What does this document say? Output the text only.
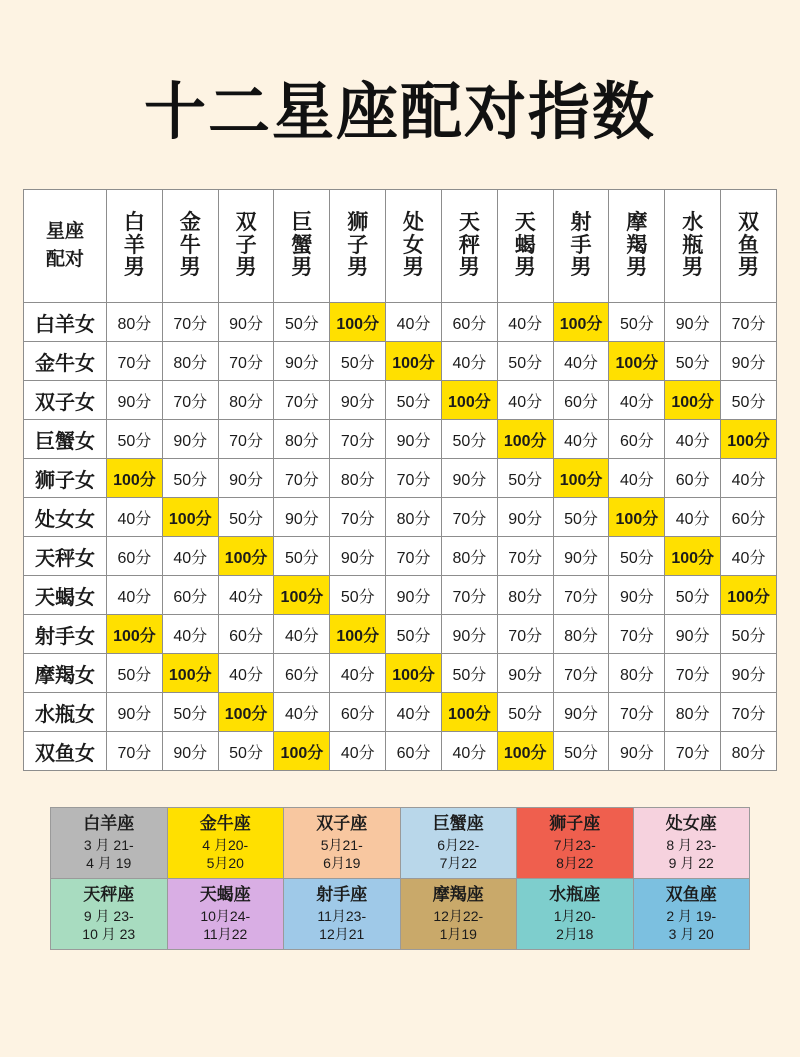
十二星座配对指数
星座
配对	白
羊
男	金
牛
男	双
子
男	巨
蟹
男	狮
子
男	处
女
男	天
秤
男	天
蝎
男	射
手
男	摩
羯
男	水
瓶
男	双
鱼
男

白羊女	80分	70分	90分	50分	100分	40分	60分	40分	100分	50分	90分	70分
金牛女	70分	80分	70分	90分	50分	100分	40分	50分	40分	100分	50分	90分
双子女	90分	70分	80分	70分	90分	50分	100分	40分	60分	40分	100分	50分
巨蟹女	50分	90分	70分	80分	70分	90分	50分	100分	40分	60分	40分	100分
狮子女	100分	50分	90分	70分	80分	70分	90分	50分	100分	40分	60分	40分
处女女	40分	100分	50分	90分	70分	80分	70分	90分	50分	100分	40分	60分
天秤女	60分	40分	100分	50分	90分	70分	80分	70分	90分	50分	100分	40分
天蝎女	40分	60分	40分	100分	50分	90分	70分	80分	70分	90分	50分	100分
射手女	100分	40分	60分	40分	100分	50分	90分	70分	80分	70分	90分	50分
摩羯女	50分	100分	40分	60分	40分	100分	50分	90分	70分	80分	70分	90分
水瓶女	90分	50分	100分	40分	60分	40分	100分	50分	90分	70分	80分	70分
双鱼女	70分	90分	50分	100分	40分	60分	40分	100分	50分	90分	70分	80分
白羊座
3 月 21-
4 月 19	金牛座
4 月20-
5月20	双子座
5月21-
6月19	巨蟹座
6月22-
7月22	狮子座
7月23-
8月22	处女座
8 月 23-
9 月 22

天秤座
9 月 23-
10 月 23	天蝎座
10月24-
11月22	射手座
11月23-
12月21	摩羯座
12月22-
1月19	水瓶座
1月20-
2月18	双鱼座
2 月 19-
3 月 20
